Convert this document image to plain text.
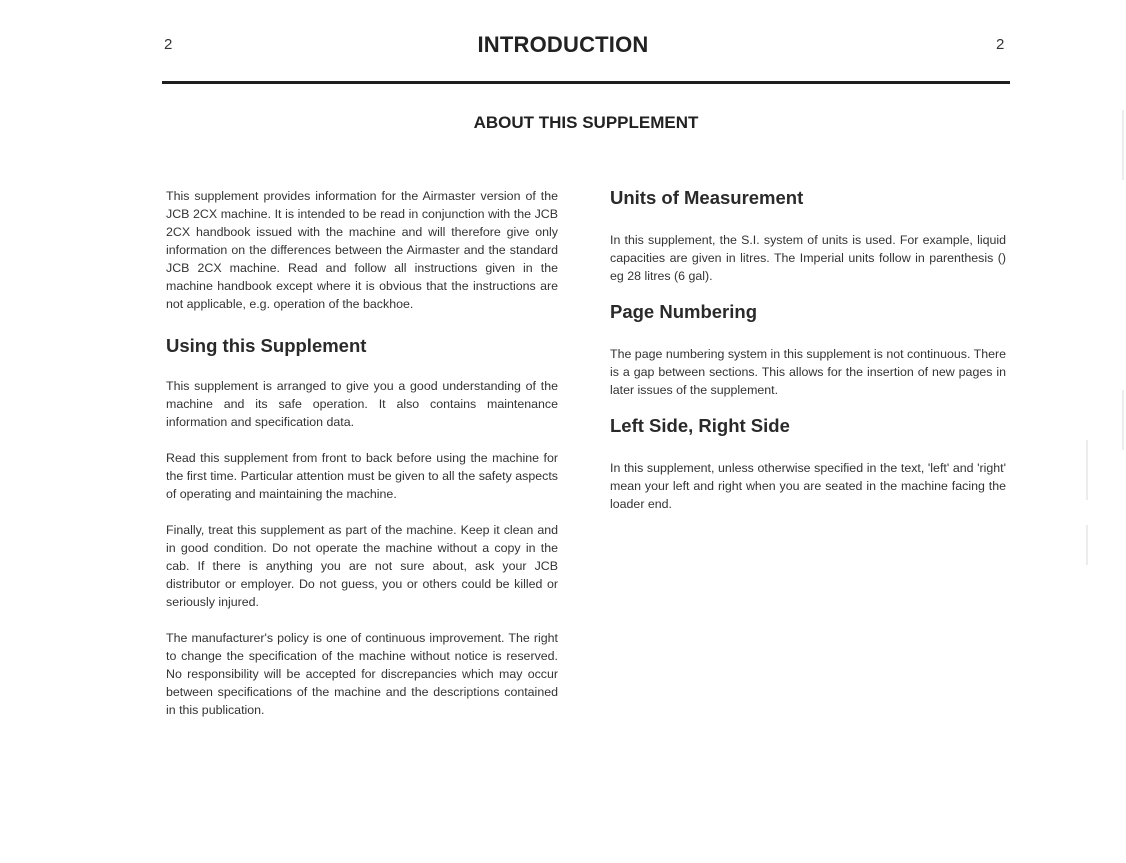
2	INTRODUCTION	2
ABOUT THIS SUPPLEMENT

This supplement provides information for the Airmaster version of the JCB 2CX machine. It is intended to be read in conjunction with the JCB 2CX handbook issued with the machine and will therefore give only information on the differences between the Airmaster and the standard JCB 2CX machine. Read and follow all instructions given in the machine handbook except where it is obvious that the instructions are not applicable, e.g. operation of the backhoe.

Using this Supplement

This supplement is arranged to give you a good understanding of the machine and its safe operation. It also contains maintenance information and specification data.

Read this supplement from front to back before using the machine for the first time. Particular attention must be given to all the safety aspects of operating and maintaining the machine.

Finally, treat this supplement as part of the machine. Keep it clean and in good condition. Do not operate the machine without a copy in the cab. If there is anything you are not sure about, ask your JCB distributor or employer. Do not guess, you or others could be killed or seriously injured.

The manufacturer's policy is one of continuous improvement. The right to change the specification of the machine without notice is reserved. No responsibility will be accepted for discrepancies which may occur between specifications of the machine and the descriptions contained in this publication.

Units of Measurement

In this supplement, the S.I. system of units is used. For example, liquid capacities are given in litres. The Imperial units follow in parenthesis () eg 28 litres (6 gal).

Page Numbering

The page numbering system in this supplement is not continuous. There is a gap between sections. This allows for the insertion of new pages in later issues of the supplement.

Left Side, Right Side

In this supplement, unless otherwise specified in the text, 'left' and 'right' mean your left and right when you are seated in the machine facing the loader end.
